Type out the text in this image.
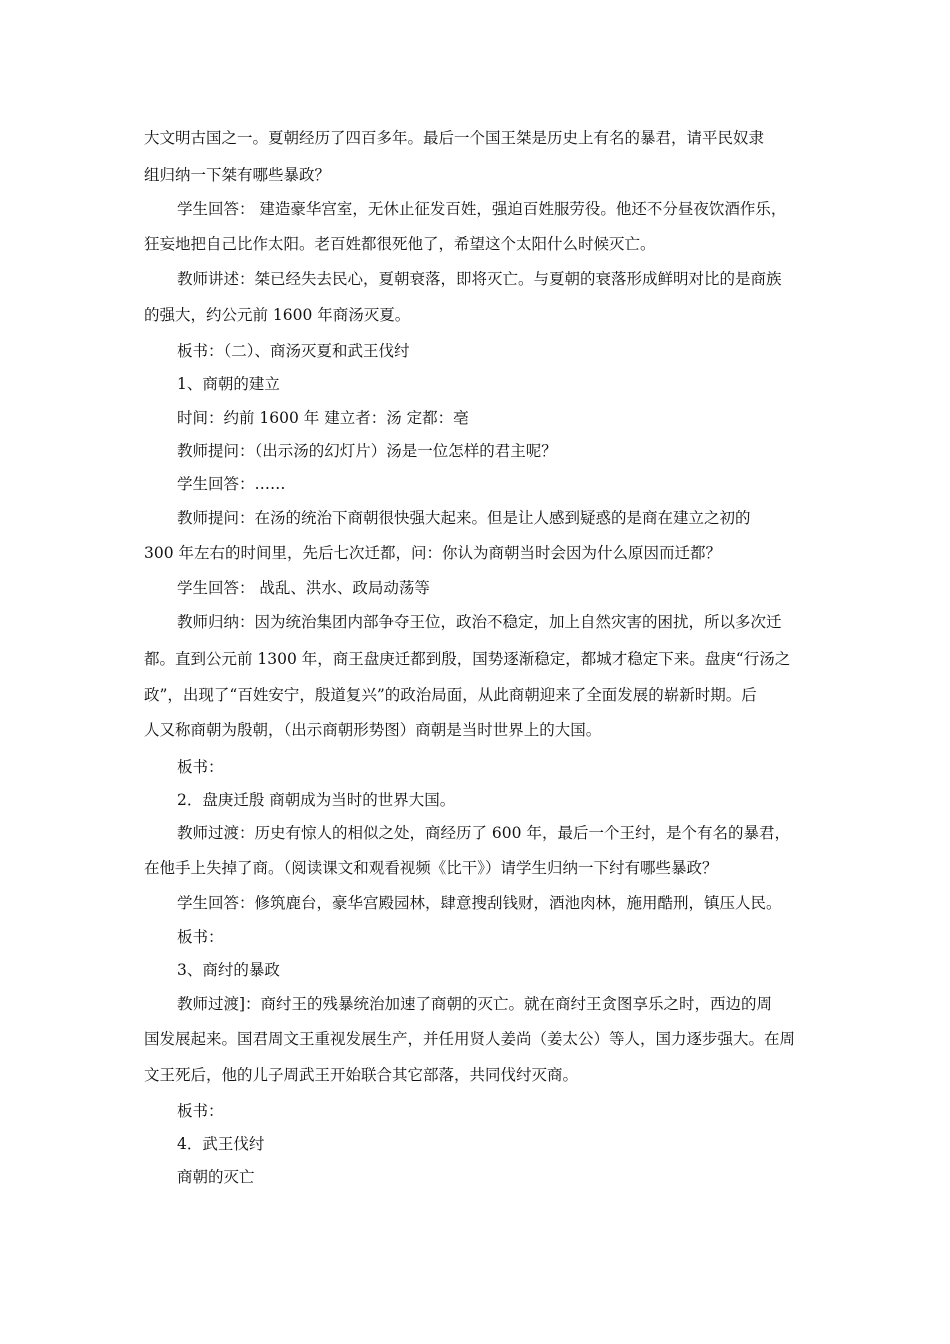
大文明古国之一。夏朝经历了四百多年。最后一个国王桀是历史上有名的暴君，请平民奴隶
组归纳一下桀有哪些暴政？
学生回答： 建造豪华宫室，无休止征发百姓，强迫百姓服劳役。他还不分昼夜饮酒作乐，
狂妄地把自己比作太阳。老百姓都很死他了，希望这个太阳什么时候灭亡。
教师讲述：桀已经失去民心，夏朝衰落，即将灭亡。与夏朝的衰落形成鲜明对比的是商族
的强大，约公元前 1600 年商汤灭夏。
板书：（二）、商汤灭夏和武王伐纣
1、商朝的建立
时间：约前 1600 年 建立者：汤 定都：亳
教师提问：（出示汤的幻灯片）汤是一位怎样的君主呢？
学生回答：……
教师提问：在汤的统治下商朝很快强大起来。但是让人感到疑惑的是商在建立之初的
300 年左右的时间里，先后七次迁都，问：你认为商朝当时会因为什么原因而迁都？
学生回答： 战乱、洪水、政局动荡等
教师归纳：因为统治集团内部争夺王位，政治不稳定，加上自然灾害的困扰，所以多次迁
都。直到公元前 1300 年，商王盘庚迁都到殷，国势逐渐稳定，都城才稳定下来。盘庚“行汤之
政”，出现了“百姓安宁，殷道复兴”的政治局面，从此商朝迎来了全面发展的崭新时期。后
人又称商朝为殷朝，（出示商朝形势图）商朝是当时世界上的大国。
板书：
2．盘庚迁殷 商朝成为当时的世界大国。
教师过渡：历史有惊人的相似之处，商经历了 600 年，最后一个王纣，是个有名的暴君，
在他手上失掉了商。（阅读课文和观看视频《比干》）请学生归纳一下纣有哪些暴政？
学生回答：修筑鹿台，豪华宫殿园林，肆意搜刮钱财，酒池肉林，施用酷刑，镇压人民。
板书：
3、商纣的暴政
教师过渡]：商纣王的残暴统治加速了商朝的灭亡。就在商纣王贪图享乐之时，西边的周
国发展起来。国君周文王重视发展生产，并任用贤人姜尚（姜太公）等人，国力逐步强大。在周
文王死后，他的儿子周武王开始联合其它部落，共同伐纣灭商。
板书：
4．武王伐纣
商朝的灭亡
